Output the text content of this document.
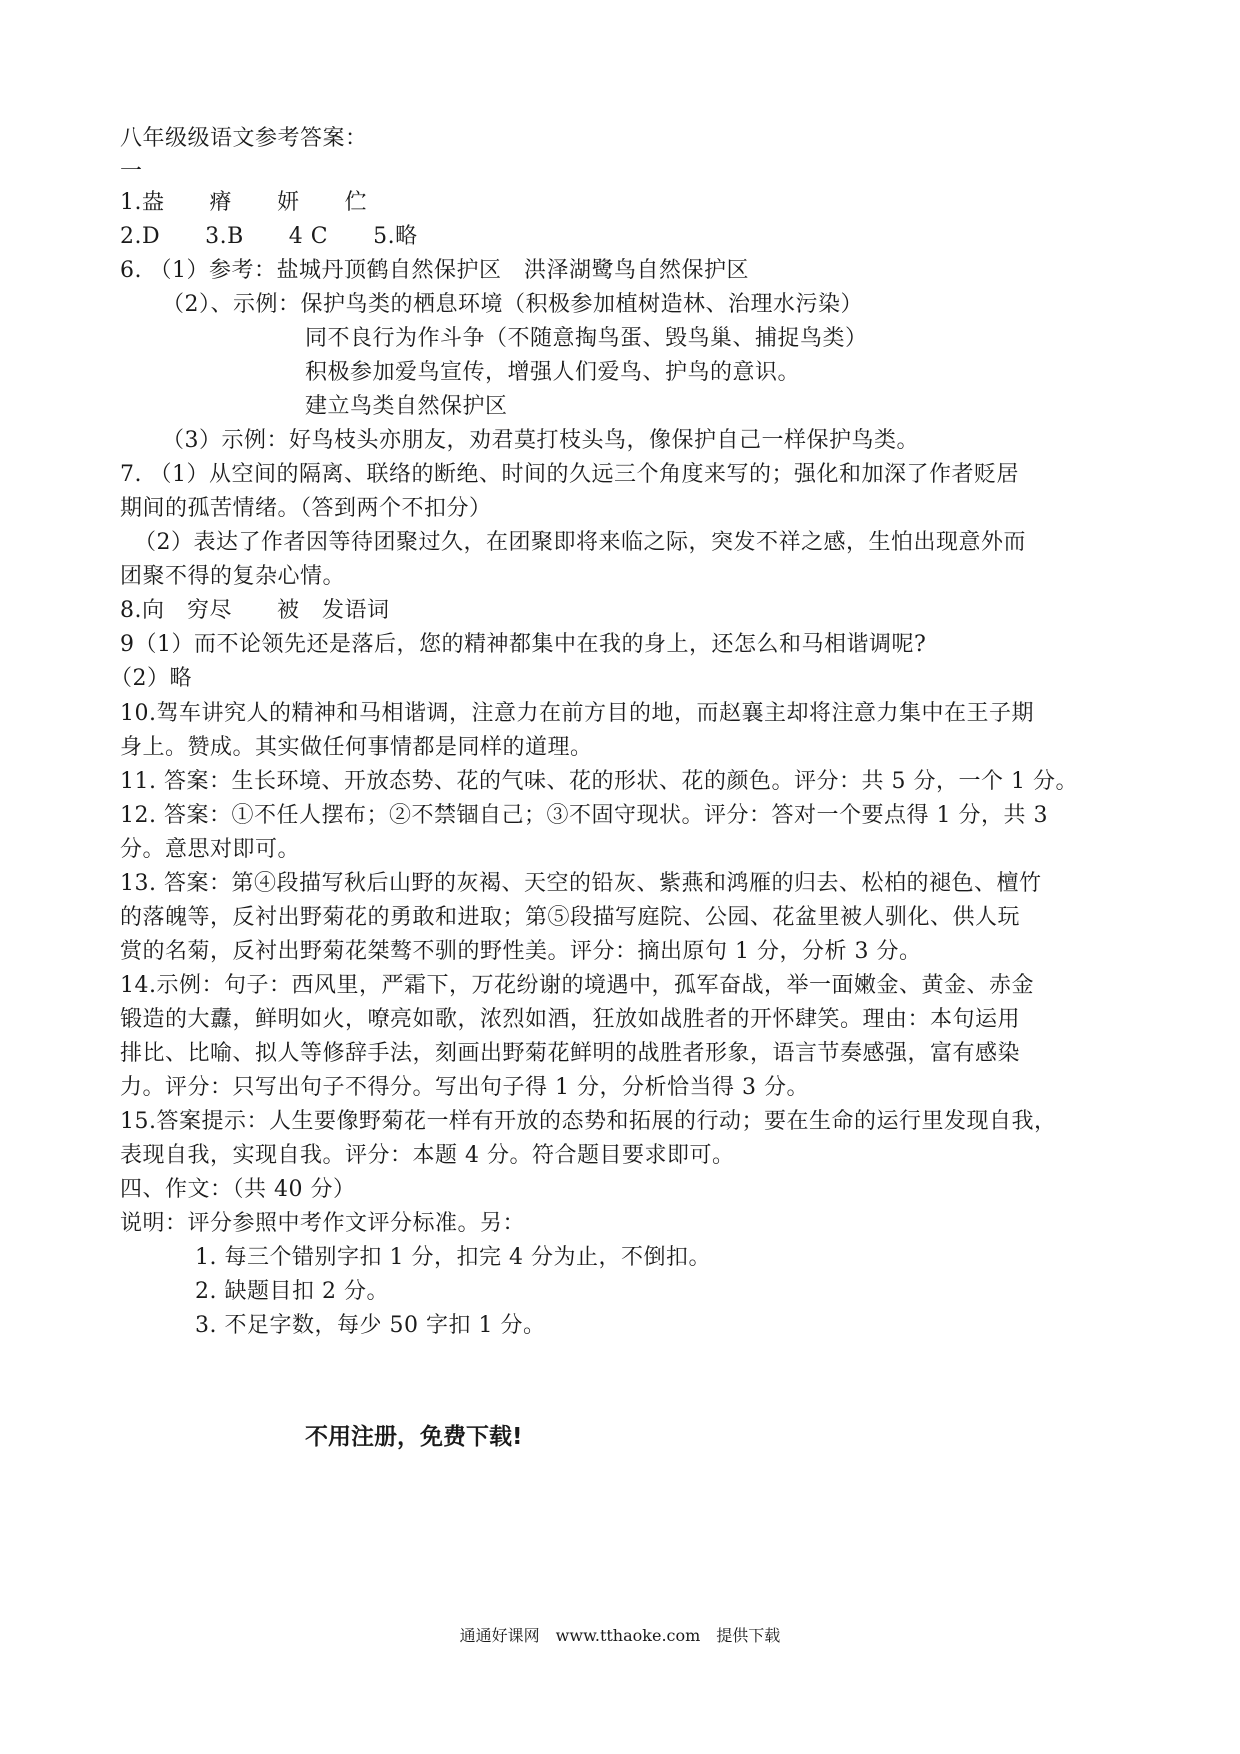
八年级级语文参考答案：
一
1.盎　　瘠　　妍　　伫
2.D　　3.B　　4 C　　5.略
6. （1）参考：盐城丹顶鹤自然保护区　洪泽湖鹭鸟自然保护区
（2）、示例：保护鸟类的栖息环境（积极参加植树造林、治理水污染）
同不良行为作斗争（不随意掏鸟蛋、毁鸟巢、捕捉鸟类）
积极参加爱鸟宣传，增强人们爱鸟、护鸟的意识。
建立鸟类自然保护区
（3）示例：好鸟枝头亦朋友，劝君莫打枝头鸟，像保护自己一样保护鸟类。
7. （1）从空间的隔离、联络的断绝、时间的久远三个角度来写的；强化和加深了作者贬居
期间的孤苦情绪。（答到两个不扣分）
（2）表达了作者因等待团聚过久，在团聚即将来临之际，突发不祥之感，生怕出现意外而
团聚不得的复杂心情。
8.向　穷尽　　被　发语词
9（1）而不论领先还是落后，您的精神都集中在我的身上，还怎么和马相谐调呢?
（2）略
10.驾车讲究人的精神和马相谐调，注意力在前方目的地，而赵襄主却将注意力集中在王子期
身上。赞成。其实做任何事情都是同样的道理。
11. 答案：生长环境、开放态势、花的气味、花的形状、花的颜色。评分：共 5 分，一个 1 分。
12. 答案：①不任人摆布；②不禁锢自己；③不固守现状。评分：答对一个要点得 1 分，共 3
分。意思对即可。
13. 答案：第④段描写秋后山野的灰褐、天空的铅灰、紫燕和鸿雁的归去、松柏的褪色、檀竹
的落魄等，反衬出野菊花的勇敢和进取；第⑤段描写庭院、公园、花盆里被人驯化、供人玩
赏的名菊，反衬出野菊花桀骜不驯的野性美。评分：摘出原句 1 分，分析 3 分。
14.示例：句子：西风里，严霜下，万花纷谢的境遇中，孤军奋战，举一面嫩金、黄金、赤金
锻造的大纛，鲜明如火，嘹亮如歌，浓烈如酒，狂放如战胜者的开怀肆笑。理由：本句运用
排比、比喻、拟人等修辞手法，刻画出野菊花鲜明的战胜者形象，语言节奏感强，富有感染
力。评分：只写出句子不得分。写出句子得 1 分，分析恰当得 3 分。
15.答案提示：人生要像野菊花一样有开放的态势和拓展的行动；要在生命的运行里发现自我，
表现自我，实现自我。评分：本题 4 分。符合题目要求即可。
四、作文：（共 40 分）
说明：评分参照中考作文评分标准。另：
1. 每三个错别字扣 1 分，扣完 4 分为止，不倒扣。
2. 缺题目扣 2 分。
3. 不足字数，每少 50 字扣 1 分。
不用注册，免费下载!
通通好课网　www.tthaoke.com　提供下载
